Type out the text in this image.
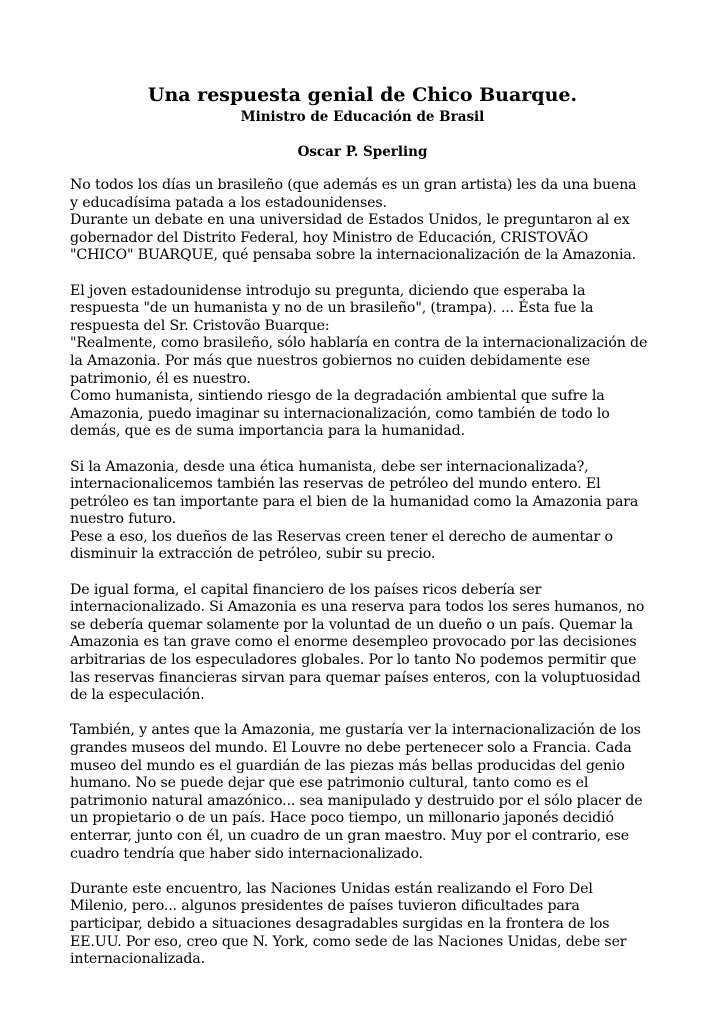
Una respuesta genial de Chico Buarque.
Ministro de Educación de Brasil
Oscar P. Sperling

No todos los días un brasileño (que además es un gran artista) les da una buena
y educadísima patada a los estadounidenses.
Durante un debate en una universidad de Estados Unidos, le preguntaron al ex
gobernador del Distrito Federal, hoy Ministro de Educación, CRISTOVÃO
"CHICO" BUARQUE, qué pensaba sobre la internacionalización de la Amazonia.

El joven estadounidense introdujo su pregunta, diciendo que esperaba la
respuesta "de un humanista y no de un brasileño", (trampa). ... Ésta fue la
respuesta del Sr. Cristovão Buarque:
"Realmente, como brasileño, sólo hablaría en contra de la internacionalización de
la Amazonia. Por más que nuestros gobiernos no cuiden debidamente ese
patrimonio, él es nuestro.
Como humanista, sintiendo riesgo de la degradación ambiental que sufre la
Amazonia, puedo imaginar su internacionalización, como también de todo lo
demás, que es de suma importancia para la humanidad.

Si la Amazonia, desde una ética humanista, debe ser internacionalizada?,
internacionalicemos también las reservas de petróleo del mundo entero. El
petróleo es tan importante para el bien de la humanidad como la Amazonia para
nuestro futuro.
Pese a eso, los dueños de las Reservas creen tener el derecho de aumentar o
disminuir la extracción de petróleo, subir su precio.

De igual forma, el capital financiero de los países ricos debería ser
internacionalizado. Si Amazonia es una reserva para todos los seres humanos, no
se debería quemar solamente por la voluntad de un dueño o un país. Quemar la
Amazonia es tan grave como el enorme desempleo provocado por las decisiones
arbitrarias de los especuladores globales. Por lo tanto No podemos permitir que
las reservas financieras sirvan para quemar países enteros, con la voluptuosidad
de la especulación.

También, y antes que la Amazonia, me gustaría ver la internacionalización de los
grandes museos del mundo. El Louvre no debe pertenecer solo a Francia. Cada
museo del mundo es el guardián de las piezas más bellas producidas del genio
humano. No se puede dejar que ese patrimonio cultural, tanto como es el
patrimonio natural amazónico... sea manipulado y destruido por el sólo placer de
un propietario o de un país. Hace poco tiempo, un millonario japonés decidió
enterrar, junto con él, un cuadro de un gran maestro. Muy por el contrario, ese
cuadro tendría que haber sido internacionalizado.

Durante este encuentro, las Naciones Unidas están realizando el Foro Del
Milenio, pero... algunos presidentes de países tuvieron dificultades para
participar, debido a situaciones desagradables surgidas en la frontera de los
EE.UU. Por eso, creo que N. York, como sede de las Naciones Unidas, debe ser
internacionalizada.
